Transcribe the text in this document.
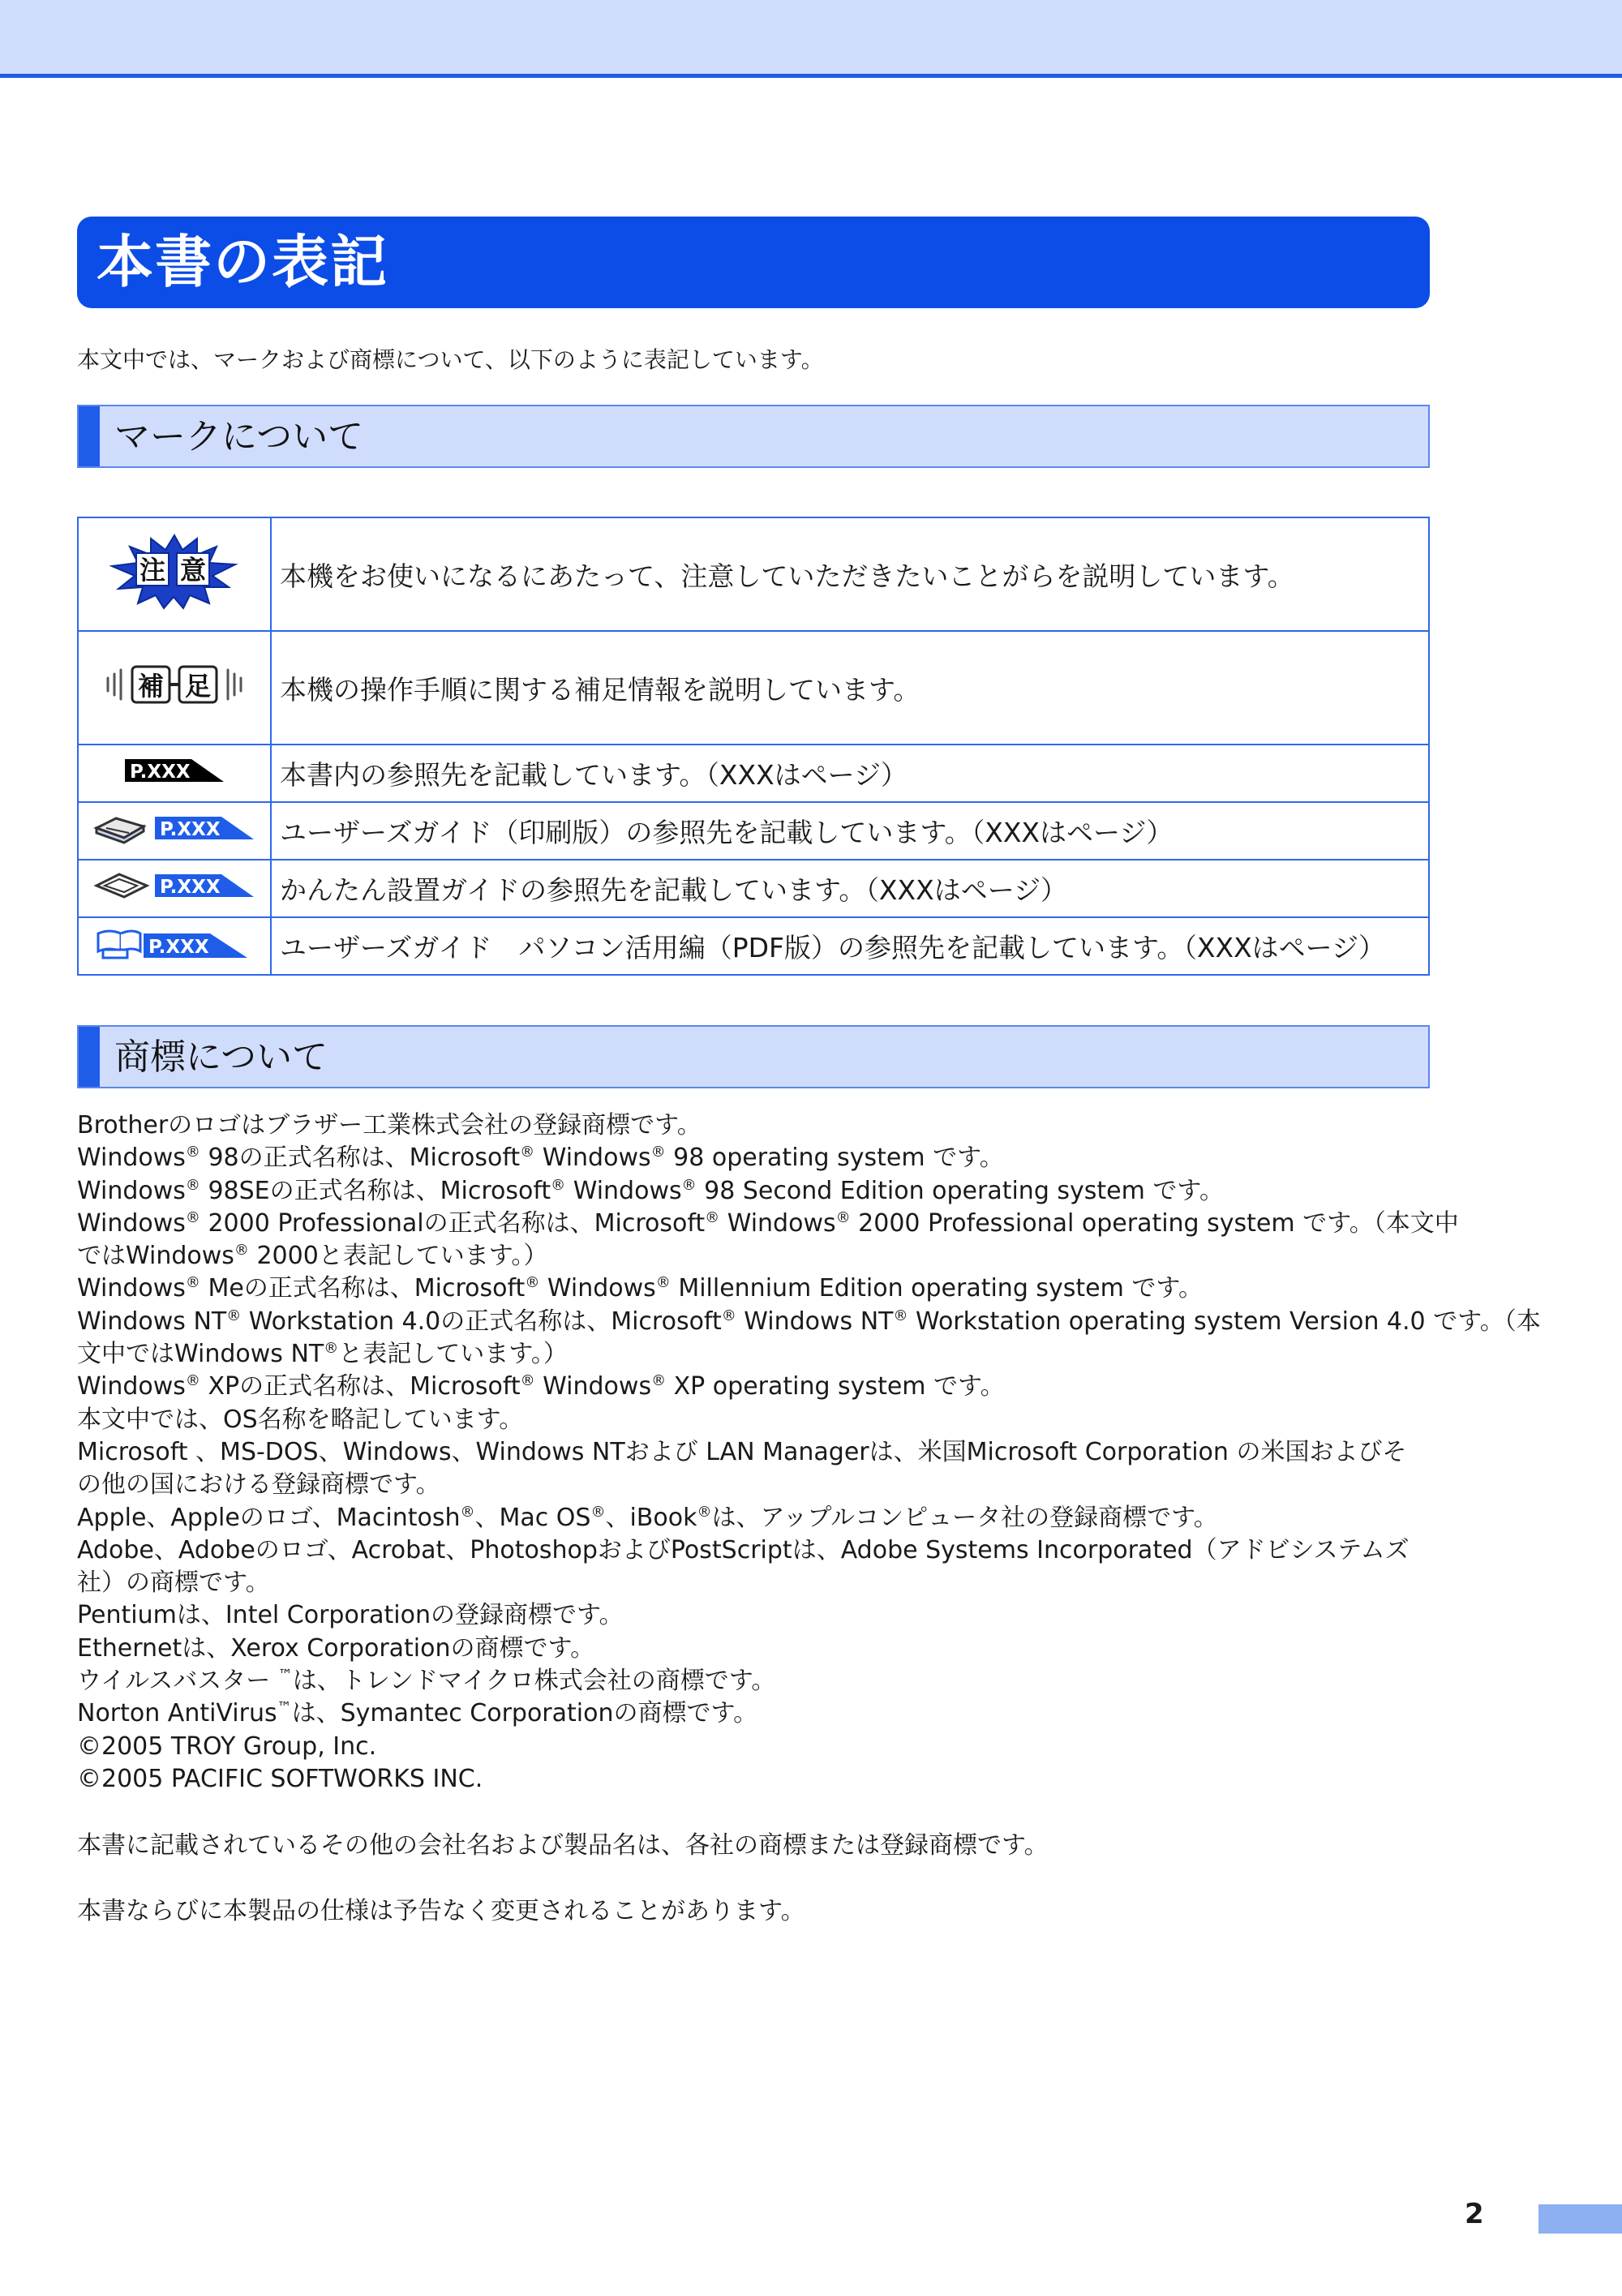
本書の表記
本文中では、マークおよび商標について、以下のように表記しています。
マークについて
注 意	本機をお使いになるにあたって、注意していただきたいことがらを説明しています。

補 足	本機の操作手順に関する補足情報を説明しています。

P.XXX	本書内の参照先を記載しています。（XXXはページ）

P.XXX	ユーザーズガイド（印刷版）の参照先を記載しています。（XXXはページ）

P.XXX	かんたん設置ガイドの参照先を記載しています。（XXXはページ）

P.XXX	ユーザーズガイド　パソコン活用編（PDF版）の参照先を記載しています。（XXXはページ）
商標について
Brotherのロゴはブラザー工業株式会社の登録商標です。
Windows® 98の正式名称は、Microsoft® Windows® 98 operating system です。
Windows® 98SEの正式名称は、Microsoft® Windows® 98 Second Edition operating system です。
Windows® 2000 Professionalの正式名称は、Microsoft® Windows® 2000 Professional operating system です。（本文中
ではWindows® 2000と表記しています。）
Windows® Meの正式名称は、Microsoft® Windows® Millennium Edition operating system です。
Windows NT® Workstation 4.0の正式名称は、Microsoft® Windows NT® Workstation operating system Version 4.0 です。（本
文中ではWindows NT®と表記しています。）
Windows® XPの正式名称は、Microsoft® Windows® XP operating system です。
本文中では、OS名称を略記しています。
Microsoft 、MS-DOS、Windows、Windows NTおよび LAN Managerは、米国Microsoft Corporation の米国およびそ
の他の国における登録商標です。
Apple、Appleのロゴ、Macintosh®、Mac OS®、iBook®は、アップルコンピュータ社の登録商標です。
Adobe、Adobeのロゴ、Acrobat、PhotoshopおよびPostScriptは、Adobe Systems Incorporated（アドビシステムズ
社）の商標です。
Pentiumは、Intel Corporationの登録商標です。
Ethernetは、Xerox Corporationの商標です。
ウイルスバスター ™は、トレンドマイクロ株式会社の商標です。
Norton AntiVirus™は、Symantec Corporationの商標です。
©2005 TROY Group, Inc.
©2005 PACIFIC SOFTWORKS INC.
本書に記載されているその他の会社名および製品名は、各社の商標または登録商標です。
本書ならびに本製品の仕様は予告なく変更されることがあります。
2
